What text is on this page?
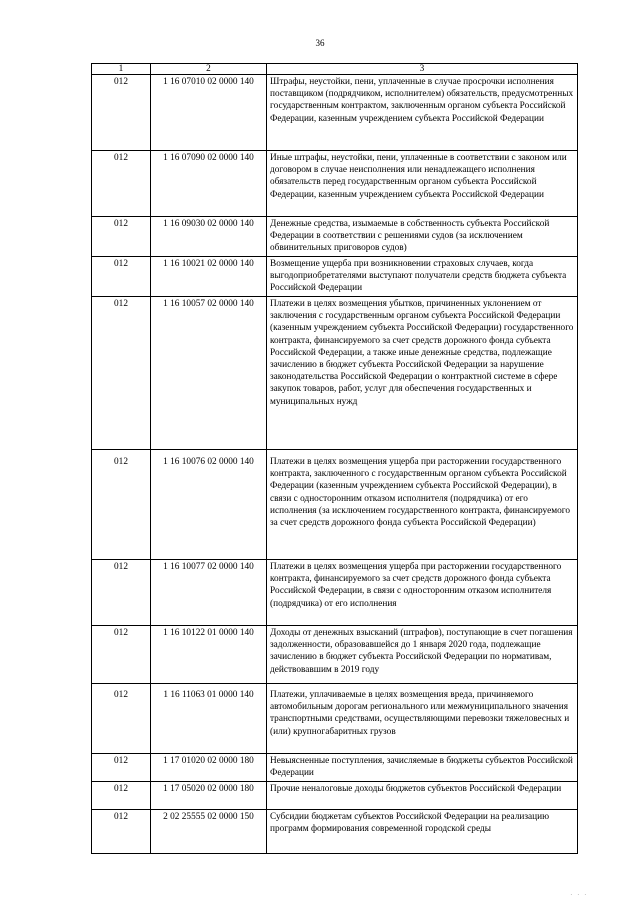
36
1	2	3
012	1 16 07010 02 0000 140	Штрафы, неустойки, пени, уплаченные в случае просрочки исполнения поставщиком (подрядчиком, исполнителем) обязательств, предусмотренных государственным контрактом, заключенным органом субъекта Российской Федерации, казенным учреждением субъекта Российской Федерации
012	1 16 07090 02 0000 140	Иные штрафы, неустойки, пени, уплаченные в соответствии с законом или договором в случае неисполнения или ненадлежащего исполнения обязательств перед государственным органом субъекта Российской Федерации, казенным учреждением субъекта Российской Федерации
012	1 16 09030 02 0000 140	Денежные средства, изымаемые в собственность субъекта Российской Федерации в соответствии с решениями судов (за исключением обвинительных приговоров судов)
012	1 16 10021 02 0000 140	Возмещение ущерба при возникновении страховых случаев, когда выгодоприобретателями выступают получатели средств бюджета субъекта Российской Федерации
012	1 16 10057 02 0000 140	Платежи в целях возмещения убытков, причиненных уклонением от заключения с государственным органом субъекта Российской Федерации (казенным учреждением субъекта Российской Федерации) государственного контракта, финансируемого за счет средств дорожного фонда субъекта Российской Федерации, а также иные денежные средства, подлежащие зачислению в бюджет субъекта Российской Федерации за нарушение законодательства Российской Федерации о контрактной системе в сфере закупок товаров, работ, услуг для обеспечения государственных и муниципальных нужд
012	1 16 10076 02 0000 140	Платежи в целях возмещения ущерба при расторжении государственного контракта, заключенного с государственным органом субъекта Российской Федерации (казенным учреждением субъекта Российской Федерации), в связи с односторонним отказом исполнителя (подрядчика) от его исполнения (за исключением государственного контракта, финансируемого за счет средств дорожного фонда субъекта Российской Федерации)
012	1 16 10077 02 0000 140	Платежи в целях возмещения ущерба при расторжении государственного контракта, финансируемого за счет средств дорожного фонда субъекта Российской Федерации, в связи с односторонним отказом исполнителя (подрядчика) от его исполнения
012	1 16 10122 01 0000 140	Доходы от денежных взысканий (штрафов), поступающие в счет погашения задолженности, образовавшейся до 1 января 2020 года, подлежащие зачислению в бюджет субъекта Российской Федерации по нормативам, действовавшим в 2019 году
012	1 16 11063 01 0000 140	Платежи, уплачиваемые в целях возмещения вреда, причиняемого автомобильным дорогам регионального или межмуниципального значения транспортными средствами, осуществляющими перевозки тяжеловесных и (или) крупногабаритных грузов
012	1 17 01020 02 0000 180	Невыясненные поступления, зачисляемые в бюджеты субъектов Российской Федерации
012	1 17 05020 02 0000 180	Прочие неналоговые доходы бюджетов субъектов Российской Федерации
012	2 02 25555 02 0000 150	Субсидии бюджетам субъектов Российской Федерации на реализацию программ формирования современной городской среды
. . .
